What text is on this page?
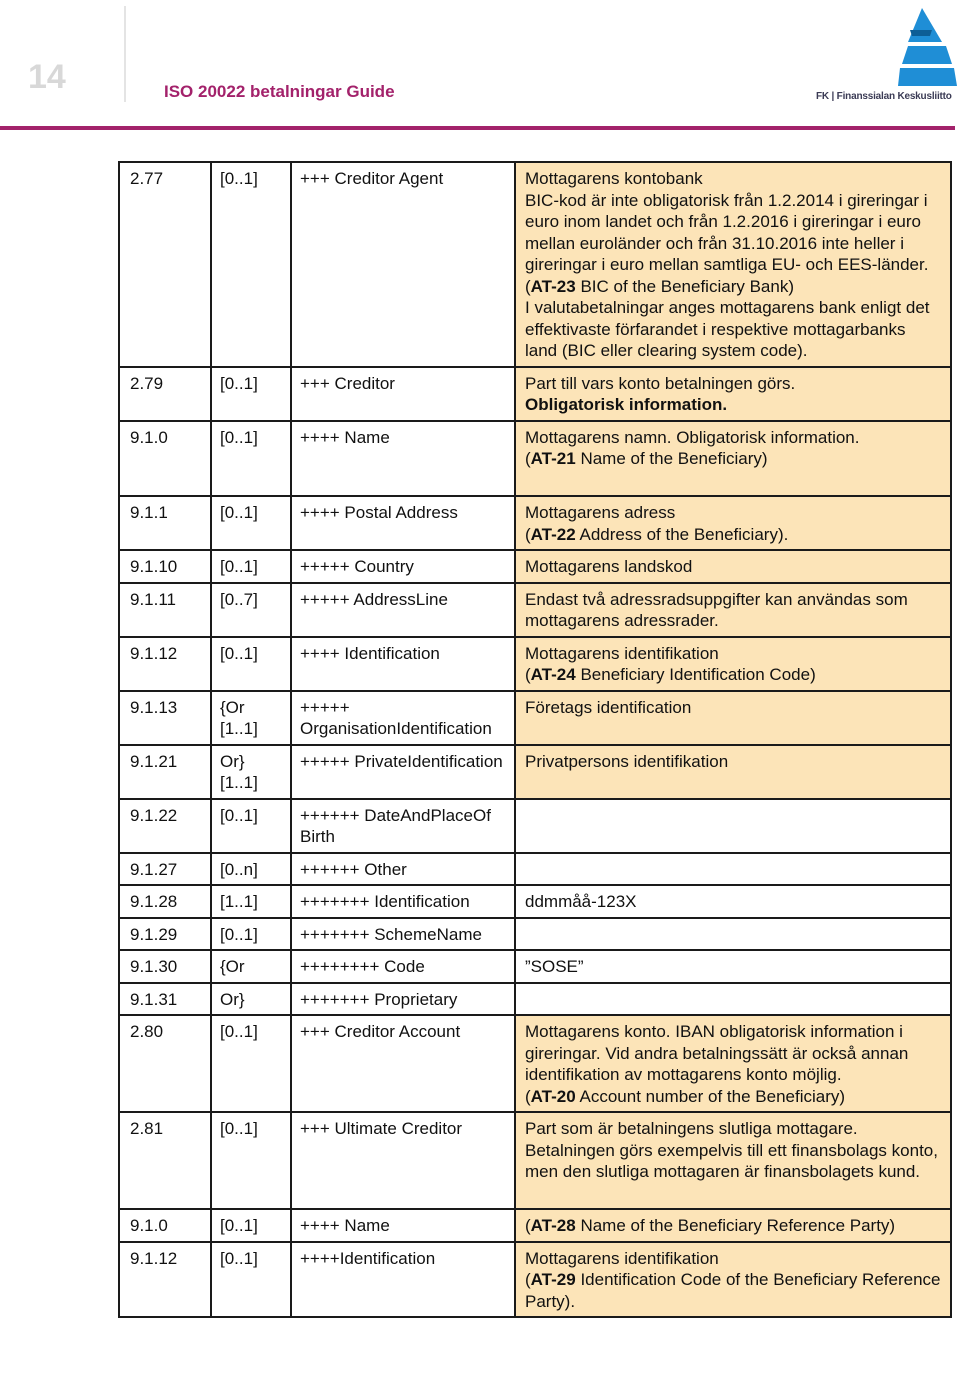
14	ISO 20022 betalningar Guide	FK | Finanssialan Keskusliitto
2.77	[0..1]	+++ Creditor Agent	Mottagarens kontobank
BIC-kod är inte obligatorisk från 1.2.2014 i gireringar i euro inom landet och från 1.2.2016 i gireringar i euro mellan euroländer och från 31.10.2016 inte heller i gireringar i euro mellan samtliga EU- och EES-länder.
(AT-23 BIC of the Beneficiary Bank)
I valutabetalningar anges mottagarens bank enligt det effektivaste förfarandet i respektive mottagarbanks land (BIC eller clearing system code).

2.79	[0..1]	+++ Creditor	Part till vars konto betalningen görs.
Obligatorisk information.

9.1.0	[0..1]	++++ Name	Mottagarens namn. Obligatorisk information.
(AT-21 Name of the Beneficiary)

9.1.1	[0..1]	++++ Postal Address	Mottagarens adress
(AT-22 Address of the Beneficiary).

9.1.10	[0..1]	+++++ Country	Mottagarens landskod

9.1.11	[0..7]	+++++ AddressLine	Endast två adressradsuppgifter kan användas som mottagarens adressrader.

9.1.12	[0..1]	++++ Identification	Mottagarens identifikation
(AT-24 Beneficiary Identification Code)

9.1.13	{Or [1..1]	+++++ OrganisationIdentification	Företags identification

9.1.21	Or} [1..1]	+++++ PrivateIdentification	Privatpersons identifikation

9.1.22	[0..1]	++++++ DateAndPlaceOf Birth	

9.1.27	[0..n]	++++++ Other	

9.1.28	[1..1]	+++++++ Identification	ddmmåå-123X

9.1.29	[0..1]	+++++++ SchemeName	

9.1.30	{Or	++++++++ Code	”SOSE”

9.1.31	Or}	+++++++ Proprietary	

2.80	[0..1]	+++ Creditor Account	Mottagarens konto. IBAN obligatorisk information i gireringar. Vid andra betalningssätt är också annan identifikation av mottagarens konto möjlig.
(AT-20 Account number of the Beneficiary)

2.81	[0..1]	+++ Ultimate Creditor	Part som är betalningens slutliga mottagare. Betalningen görs exempelvis till ett finansbolags konto, men den slutliga mottagaren är finansbolagets kund.

9.1.0	[0..1]	++++ Name	(AT-28 Name of the Beneficiary Reference Party)

9.1.12	[0..1]	++++Identification	Mottagarens identifikation
(AT-29 Identification Code of the Beneficiary Reference Party).
